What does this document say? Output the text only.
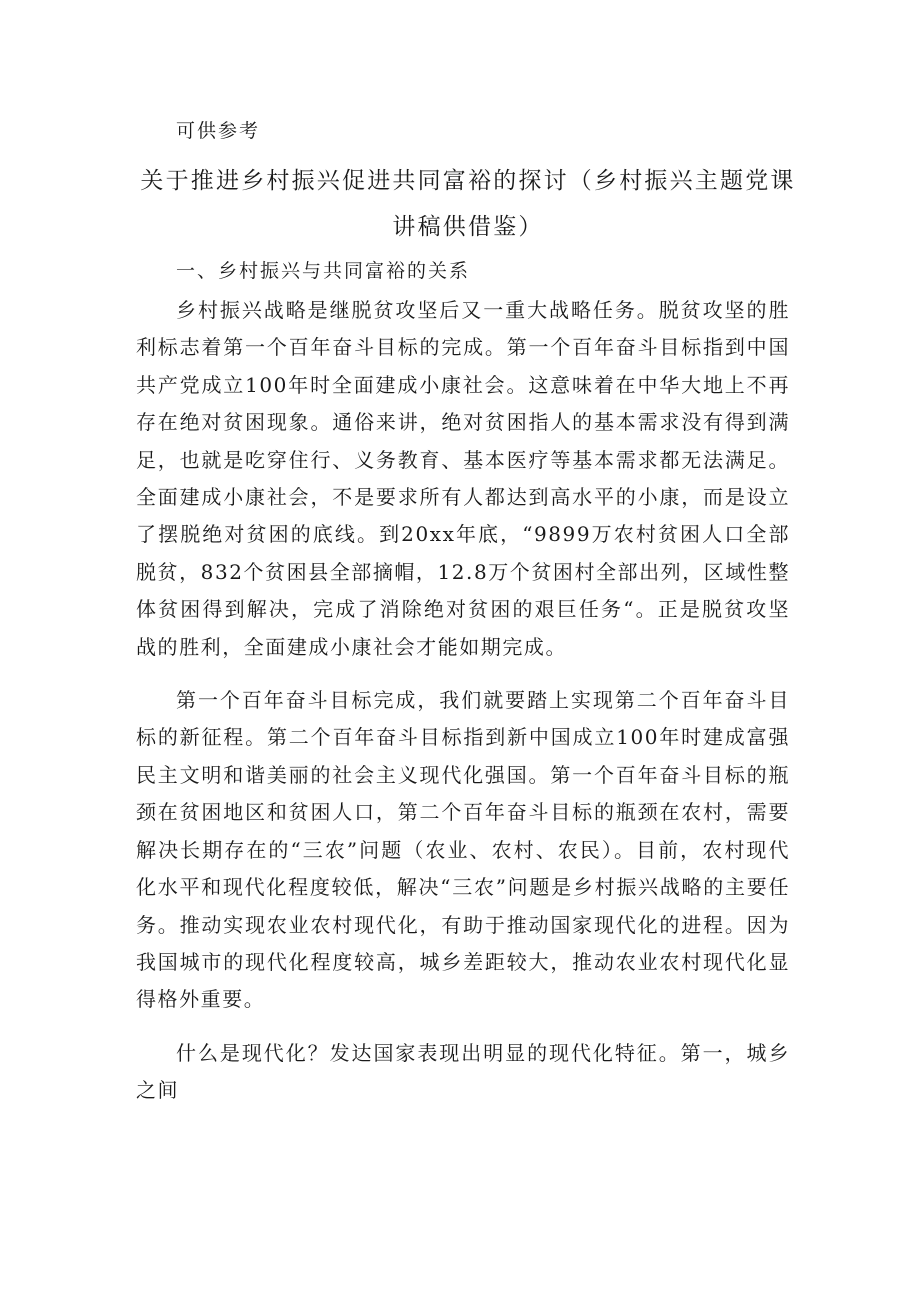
可供参考
关于推进乡村振兴促进共同富裕的探讨（乡村振兴主题党课讲稿供借鉴）
一、乡村振兴与共同富裕的关系

乡村振兴战略是继脱贫攻坚后又一重大战略任务。脱贫攻坚的胜利标志着第一个百年奋斗目标的完成。第一个百年奋斗目标指到中国共产党成立100年时全面建成小康社会。这意味着在中华大地上不再存在绝对贫困现象。通俗来讲，绝对贫困指人的基本需求没有得到满足，也就是吃穿住行、义务教育、基本医疗等基本需求都无法满足。全面建成小康社会，不是要求所有人都达到高水平的小康，而是设立了摆脱绝对贫困的底线。到20xx年底，“9899万农村贫困人口全部脱贫，832个贫困县全部摘帽，12.8万个贫困村全部出列，区域性整体贫困得到解决，完成了消除绝对贫困的艰巨任务“。正是脱贫攻坚战的胜利，全面建成小康社会才能如期完成。

第一个百年奋斗目标完成，我们就要踏上实现第二个百年奋斗目标的新征程。第二个百年奋斗目标指到新中国成立100年时建成富强民主文明和谐美丽的社会主义现代化强国。第一个百年奋斗目标的瓶颈在贫困地区和贫困人口，第二个百年奋斗目标的瓶颈在农村，需要解决长期存在的“三农”问题（农业、农村、农民）。目前，农村现代化水平和现代化程度较低，解决“三农”问题是乡村振兴战略的主要任务。推动实现农业农村现代化，有助于推动国家现代化的进程。因为我国城市的现代化程度较高，城乡差距较大，推动农业农村现代化显得格外重要。

什么是现代化？发达国家表现出明显的现代化特征。第一，城乡之间
